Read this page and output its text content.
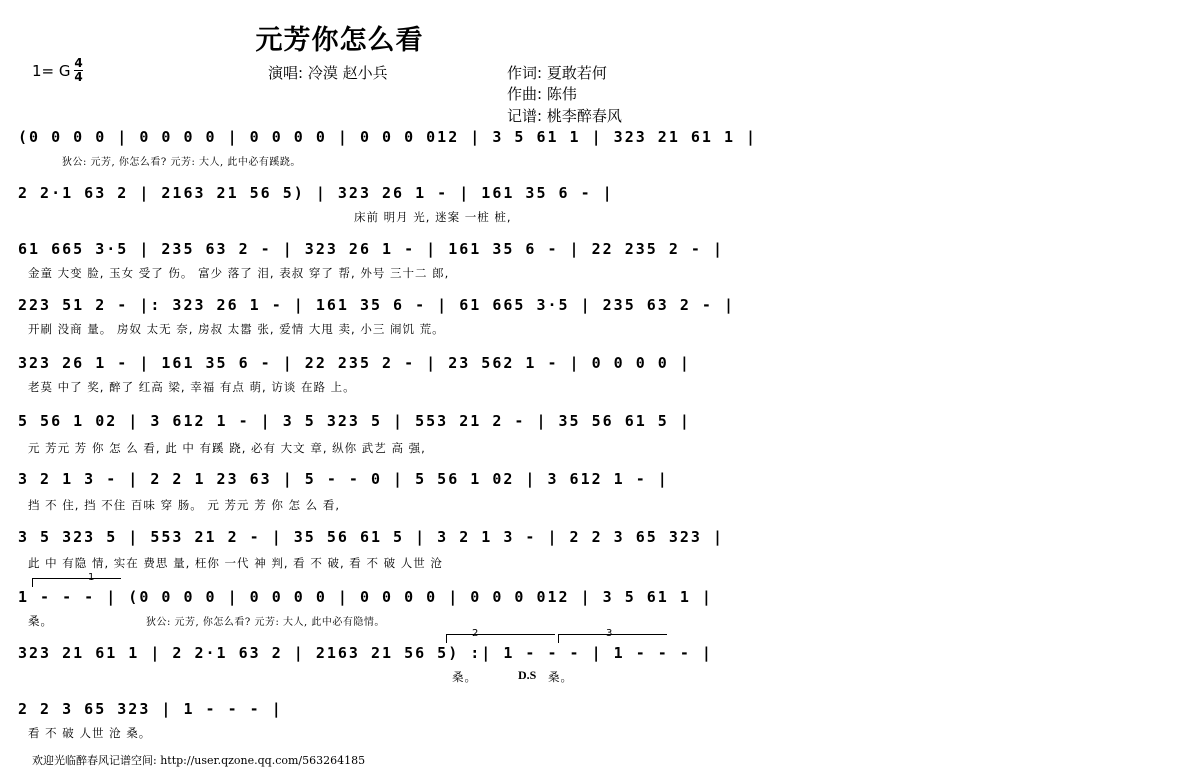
元芳你怎么看
1= G 4
4	演唱: 冷漠 赵小兵	作词: 夏敢若何
作曲: 陈伟
记谱: 桃李醉春风
(0 0 0 0 | 0 0 0 0 | 0 0 0 0 | 0 0 0 012 | 3 5 61 1 | 323 21 61 1 |
狄公: 元芳, 你怎么看? 元芳: 大人, 此中必有蹊跷。
2 2·1 63 2 | 2163 21 56 5) | 323 26 1 - | 161 35 6 - |
床前 明月 光, 迷案 一桩 桩,
61 665 3·5 | 235 63 2 - | 323 26 1 - | 161 35 6 - | 22 235 2 - |
金童 大变 脸, 玉女 受了 伤。 富少 落了 泪, 表叔 穿了 帮, 外号 三十二 郎,
223 51 2 - |: 323 26 1 - | 161 35 6 - | 61 665 3·5 | 235 63 2 - |
开刷 没商 量。 房奴 太无 奈, 房叔 太嚣 张, 爱情 大甩 卖, 小三 闹饥 荒。
323 26 1 - | 161 35 6 - | 22 235 2 - | 23 562 1 - | 0 0 0 0 |
老莫 中了 奖, 醉了 红高 梁, 幸福 有点 萌, 访谈 在路 上。
5 56 1 02 | 3 612 1 - | 3 5 323 5 | 553 21 2 - | 35 56 61 5 |
元 芳元 芳 你 怎 么 看, 此 中 有蹊 跷, 必有 大文 章, 纵你 武艺 高 强,
3 2 1 3 - | 2 2 1 23 63 | 5 - - 0 | 5 56 1 02 | 3 612 1 - |
挡 不 住, 挡 不住 百味 穿 肠。 元 芳元 芳 你 怎 么 看,
3 5 323 5 | 553 21 2 - | 35 56 61 5 | 3 2 1 3 - | 2 2 3 65 323 |
此 中 有隐 情, 实在 费思 量, 枉你 一代 神 判, 看 不 破, 看 不 破 人世 沧
1
1 - - - | (0 0 0 0 | 0 0 0 0 | 0 0 0 0 | 0 0 0 012 | 3 5 61 1 |
桑。	狄公: 元芳, 你怎么看? 元芳: 大人, 此中必有隐情。
2	3
323 21 61 1 | 2 2·1 63 2 | 2163 21 56 5) :| 1 - - - | 1 - - - |
桑。	D.S 桑。
2 2 3 65 323 | 1 - - - |
看 不 破 人世 沧 桑。
欢迎光临醉春风记谱空间: http://user.qzone.qq.com/563264185
